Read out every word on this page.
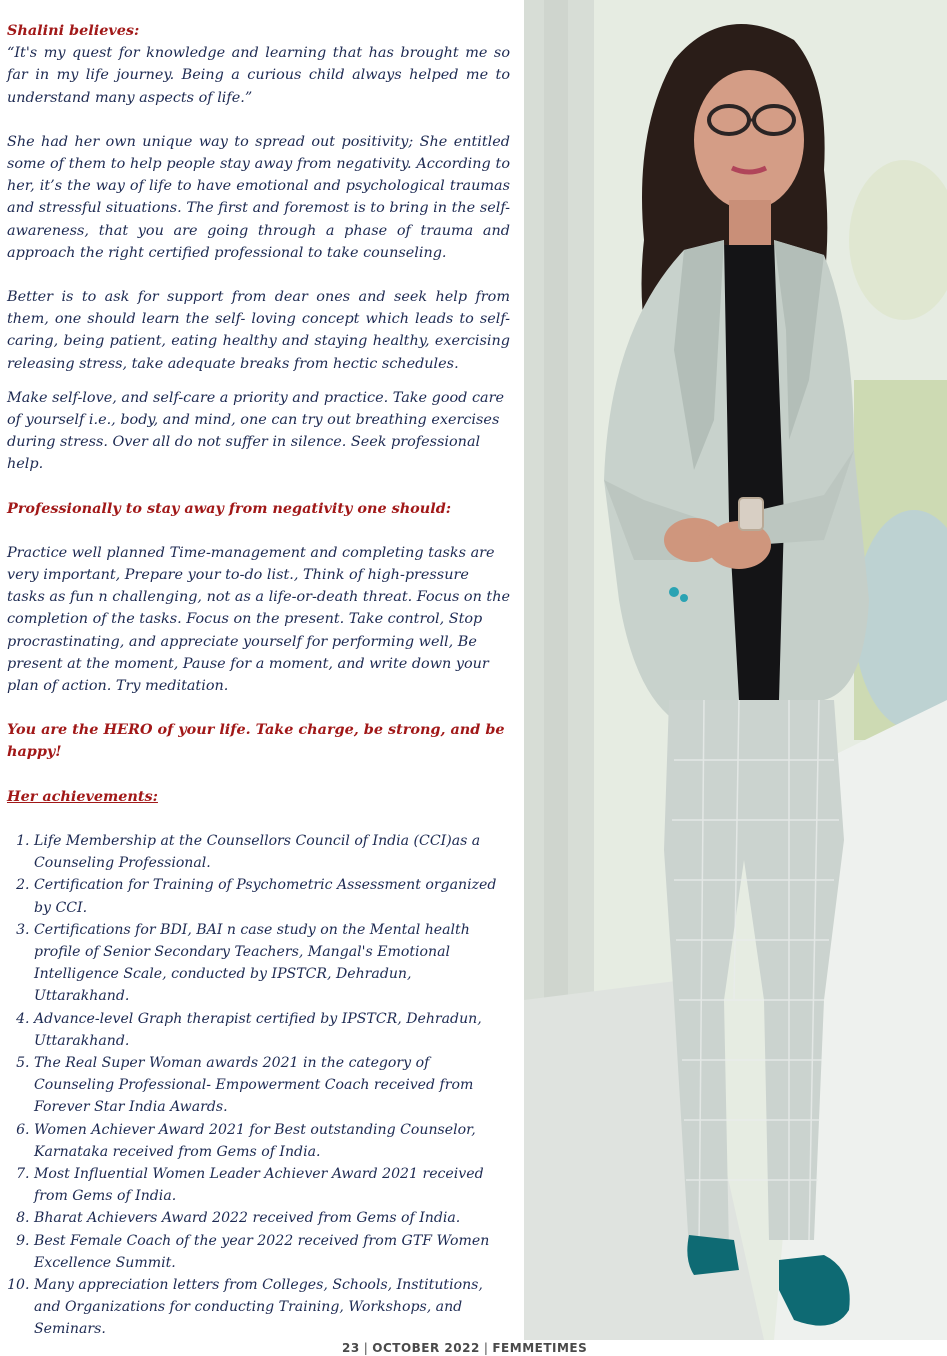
Shalini believes:

“It's my quest for knowledge and learning that has brought me so far in my life journey. Being a curious child always helped me to understand many aspects of life.”

She had her own unique way to spread out positivity; She entitled some of them to help people stay away from negativity. According to her, it’s the way of life to have emotional and psychological traumas and stressful situations. The first and foremost is to bring in the self-awareness, that you are going through a phase of trauma and approach the right certified professional to take counseling.

Better is to ask for support from dear ones and seek help from them, one should learn the self- loving concept which leads to self-caring, being patient, eating healthy and staying healthy, exercising releasing stress, take adequate breaks from hectic schedules.

Make self-love, and self-care a priority and practice. Take good care of yourself i.e., body, and mind, one can try out breathing exercises during stress. Over all do not suffer in silence. Seek professional help.

Professionally to stay away from negativity one should:

Practice well planned Time-management and completing tasks are very important, Prepare your to-do list., Think of high-pressure tasks as fun n challenging, not as a life-or-death threat. Focus on the completion of the tasks. Focus on the present. Take control, Stop procrastinating, and appreciate yourself for performing well, Be present at the moment, Pause for a moment, and write down your plan of action. Try meditation.

You are the HERO of your life. Take charge, be strong, and be happy!

Her achievements:

1. Life Membership at the Counsellors Council of India (CCI)as a Counseling Professional.
2. Certification for Training of Psychometric Assessment organized by CCI.
3. Certifications for BDI, BAI n case study on the Mental health profile of Senior Secondary Teachers, Mangal's Emotional Intelligence Scale, conducted by IPSTCR, Dehradun, Uttarakhand.
4. Advance-level Graph therapist certified by IPSTCR, Dehradun, Uttarakhand.
5. The Real Super Woman awards 2021 in the category of Counseling Professional- Empowerment Coach received from Forever Star India Awards.
6. Women Achiever Award 2021 for Best outstanding Counselor, Karnataka received from Gems of India.
7. Most Influential Women Leader Achiever Award 2021 received from Gems of India.
8. Bharat Achievers Award 2022 received from Gems of India.
9. Best Female Coach of the year 2022 received from GTF Women Excellence Summit.
10. Many appreciation letters from Colleges, Schools, Institutions, and Organizations for conducting Training, Workshops, and Seminars.
23 | OCTOBER 2022 | FEMMETIMES
